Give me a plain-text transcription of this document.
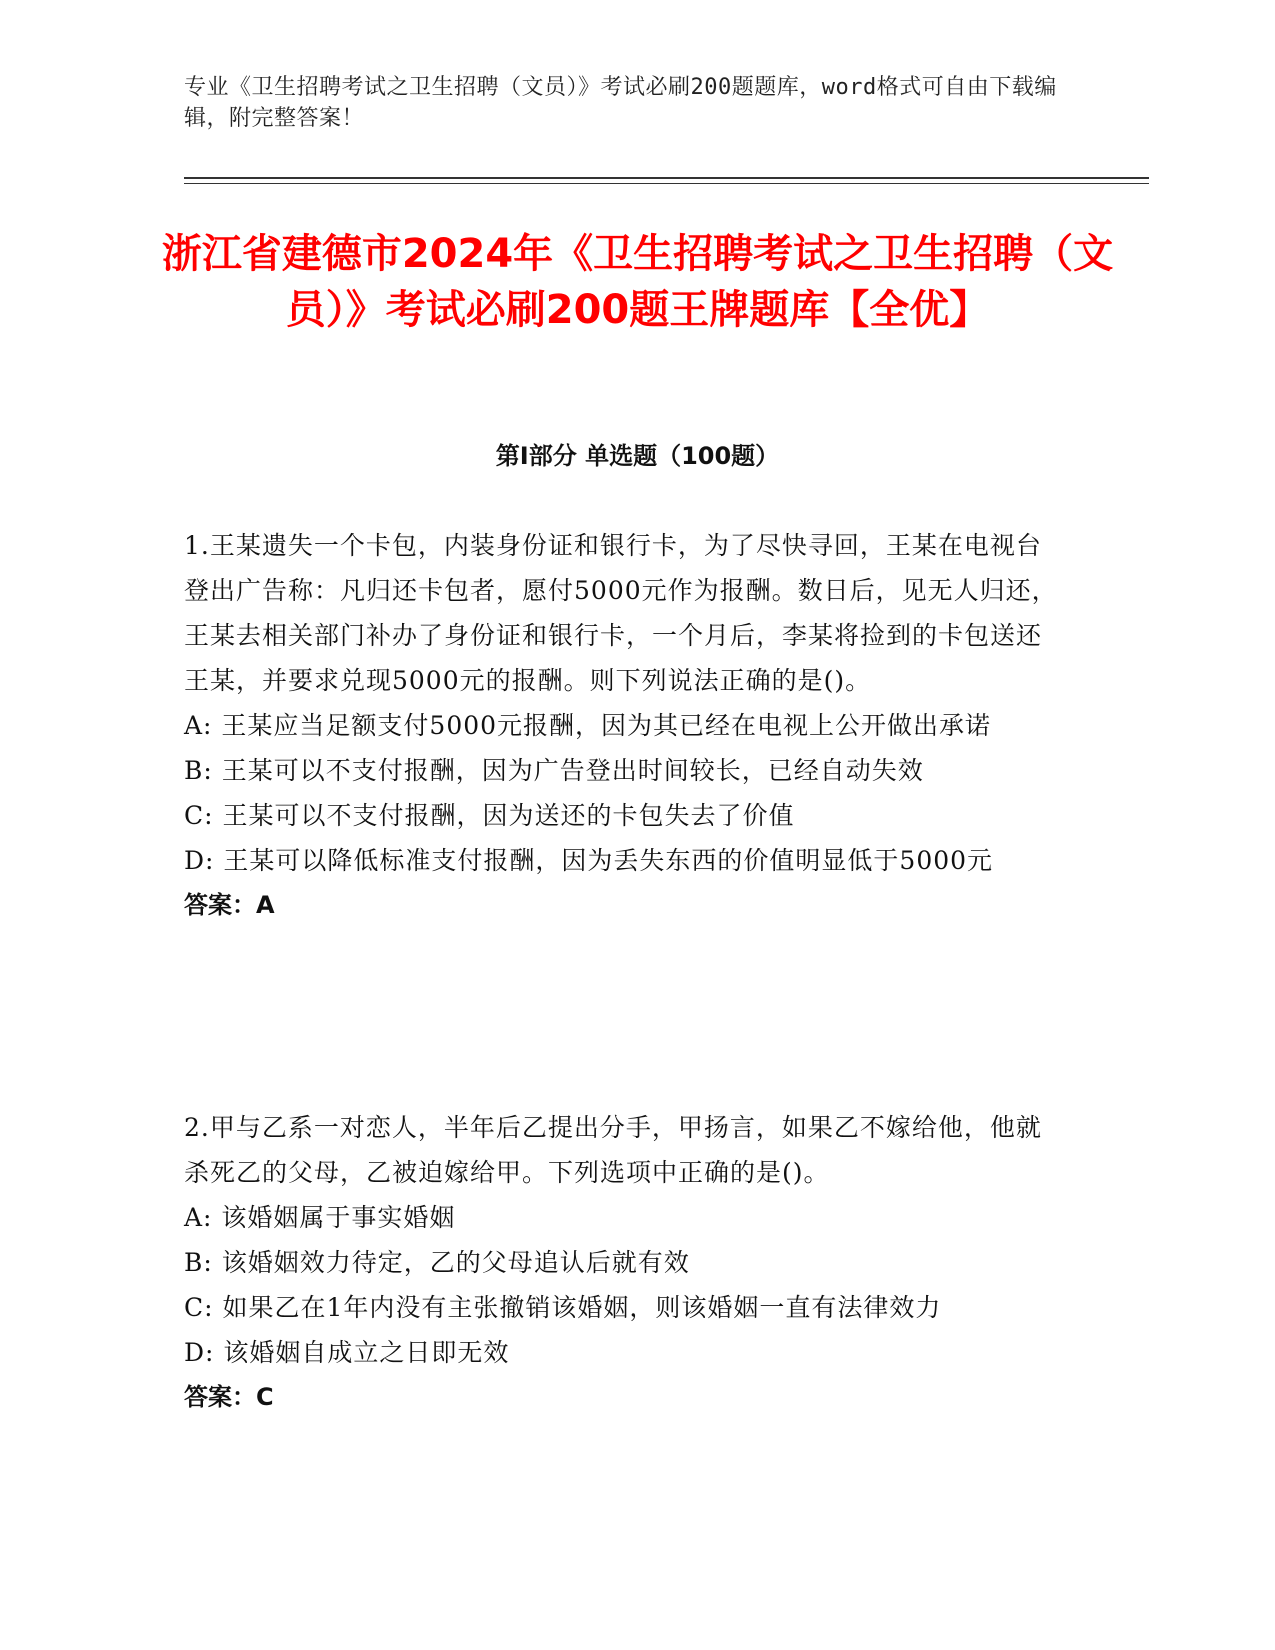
专业《卫生招聘考试之卫生招聘（文员）》考试必刷200题题库，word格式可自由下载编辑，附完整答案！
浙江省建德市2024年《卫生招聘考试之卫生招聘（文员）》考试必刷200题王牌题库【全优】
第I部分 单选题（100题）

1.王某遗失一个卡包，内装身份证和银行卡，为了尽快寻回，王某在电视台登出广告称：凡归还卡包者，愿付5000元作为报酬。数日后，见无人归还，王某去相关部门补办了身份证和银行卡，一个月后，李某将捡到的卡包送还王某，并要求兑现5000元的报酬。则下列说法正确的是()。

A: 王某应当足额支付5000元报酬，因为其已经在电视上公开做出承诺

B: 王某可以不支付报酬，因为广告登出时间较长，已经自动失效

C: 王某可以不支付报酬，因为送还的卡包失去了价值

D: 王某可以降低标准支付报酬，因为丢失东西的价值明显低于5000元

答案：A

2.甲与乙系一对恋人，半年后乙提出分手，甲扬言，如果乙不嫁给他，他就杀死乙的父母，乙被迫嫁给甲。下列选项中正确的是()。

A: 该婚姻属于事实婚姻

B: 该婚姻效力待定，乙的父母追认后就有效

C: 如果乙在1年内没有主张撤销该婚姻，则该婚姻一直有法律效力

D: 该婚姻自成立之日即无效

答案：C
